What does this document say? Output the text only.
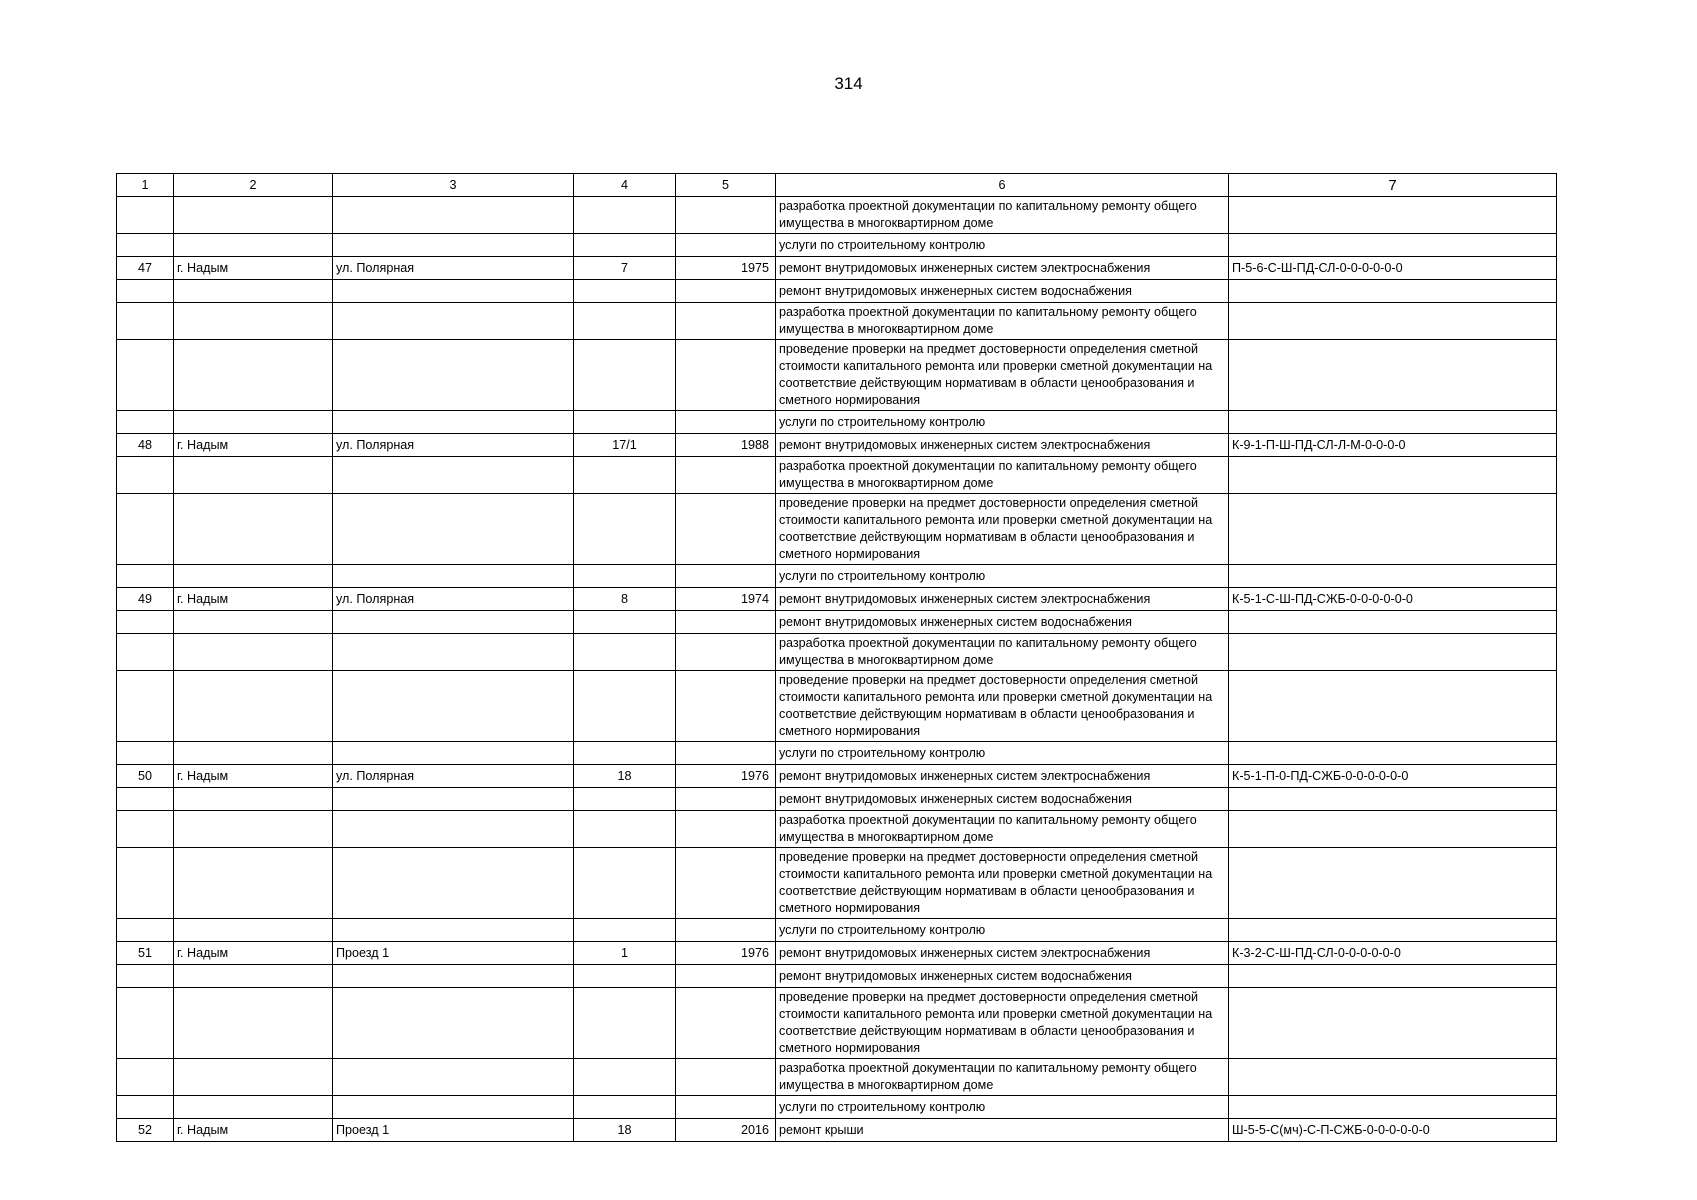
314
1	2	3	4	5	6	7
					разработка проектной документации по капитальному ремонту общего имущества в многоквартирном доме	
					услуги по строительному контролю	
47	г. Надым	ул. Полярная	7	1975	ремонт внутридомовых инженерных систем электроснабжения	П-5-6-С-Ш-ПД-СЛ-0-0-0-0-0-0
					ремонт внутридомовых инженерных систем водоснабжения	
					разработка проектной документации по капитальному ремонту общего имущества в многоквартирном доме	
					проведение проверки на предмет достоверности определения сметной стоимости капитального ремонта или проверки сметной документации на соответствие действующим нормативам в области ценообразования и сметного нормирования	
					услуги по строительному контролю	
48	г. Надым	ул. Полярная	17/1	1988	ремонт внутридомовых инженерных систем электроснабжения	К-9-1-П-Ш-ПД-СЛ-Л-М-0-0-0-0
					разработка проектной документации по капитальному ремонту общего имущества в многоквартирном доме	
					проведение проверки на предмет достоверности определения сметной стоимости капитального ремонта или проверки сметной документации на соответствие действующим нормативам в области ценообразования и сметного нормирования	
					услуги по строительному контролю	
49	г. Надым	ул. Полярная	8	1974	ремонт внутридомовых инженерных систем электроснабжения	К-5-1-С-Ш-ПД-СЖБ-0-0-0-0-0-0
					ремонт внутридомовых инженерных систем водоснабжения	
					разработка проектной документации по капитальному ремонту общего имущества в многоквартирном доме	
					проведение проверки на предмет достоверности определения сметной стоимости капитального ремонта или проверки сметной документации на соответствие действующим нормативам в области ценообразования и сметного нормирования	
					услуги по строительному контролю	
50	г. Надым	ул. Полярная	18	1976	ремонт внутридомовых инженерных систем электроснабжения	К-5-1-П-0-ПД-СЖБ-0-0-0-0-0-0
					ремонт внутридомовых инженерных систем водоснабжения	
					разработка проектной документации по капитальному ремонту общего имущества в многоквартирном доме	
					проведение проверки на предмет достоверности определения сметной стоимости капитального ремонта или проверки сметной документации на соответствие действующим нормативам в области ценообразования и сметного нормирования	
					услуги по строительному контролю	
51	г. Надым	Проезд 1	1	1976	ремонт внутридомовых инженерных систем электроснабжения	К-3-2-С-Ш-ПД-СЛ-0-0-0-0-0-0
					ремонт внутридомовых инженерных систем водоснабжения	
					проведение проверки на предмет достоверности определения сметной стоимости капитального ремонта или проверки сметной документации на соответствие действующим нормативам в области ценообразования и сметного нормирования	
					разработка проектной документации по капитальному ремонту общего имущества в многоквартирном доме	
					услуги по строительному контролю	
52	г. Надым	Проезд 1	18	2016	ремонт крыши	Ш-5-5-С(мч)-С-П-СЖБ-0-0-0-0-0-0
